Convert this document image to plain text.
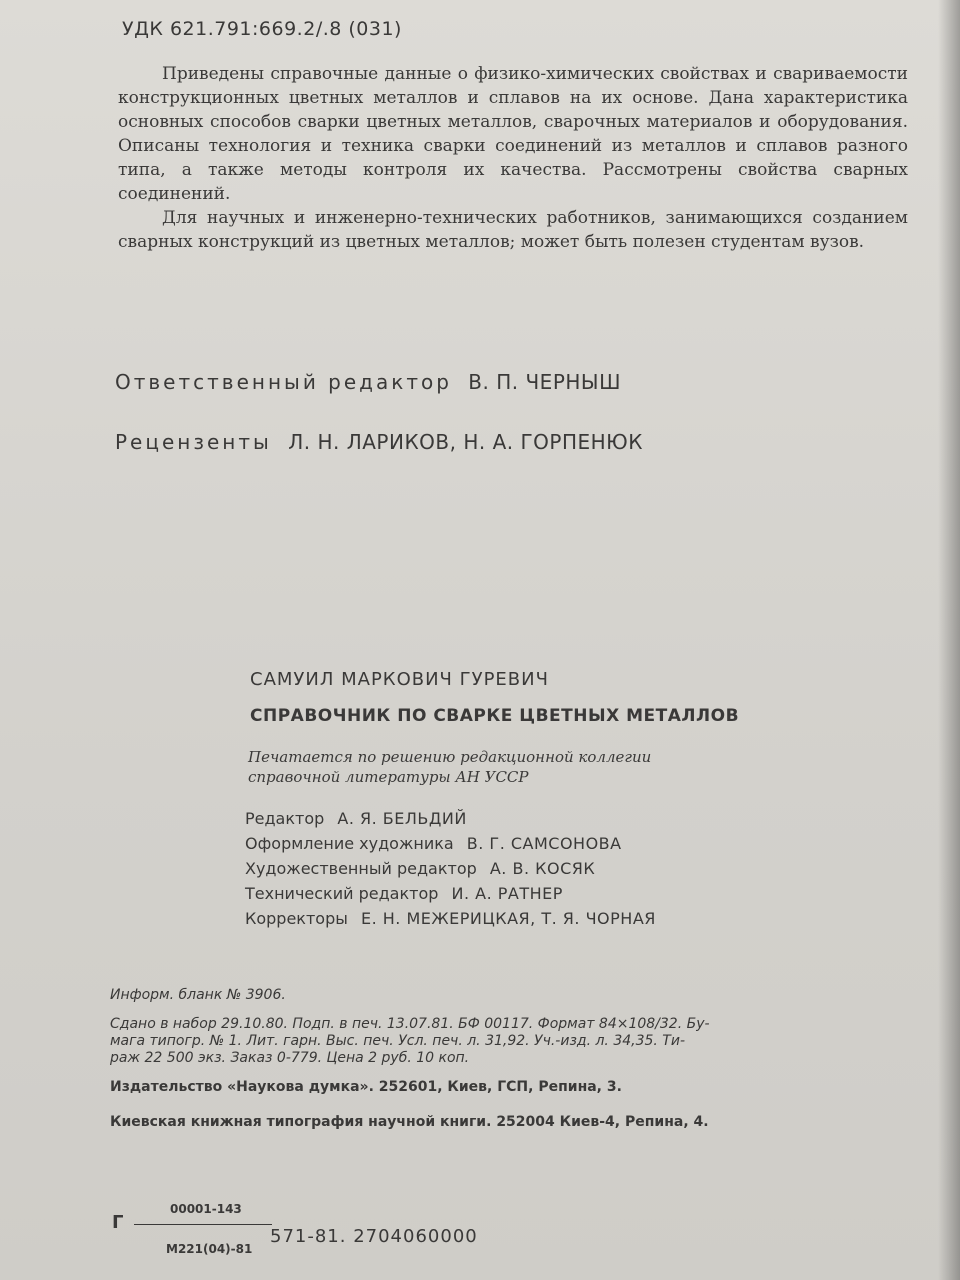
УДК 621.791:669.2/.8 (031)

Приведены справочные данные о физико-химических свойствах и свариваемости конструкционных цветных металлов и сплавов на их основе. Дана характеристика основных способов сварки цветных металлов, сварочных материалов и оборудования. Описаны технология и техника сварки соединений из металлов и сплавов разного типа, а также методы контроля их качества. Рассмотрены свойства сварных соединений.

Для научных и инженерно-технических работников, занимающихся созданием сварных конструкций из цветных металлов; может быть полезен студентам вузов.

Ответственный редактор В. П. ЧЕРНЫШ
Рецензенты Л. Н. ЛАРИКОВ, Н. А. ГОРПЕНЮК
САМУИЛ МАРКОВИЧ ГУРЕВИЧ
СПРАВОЧНИК ПО СВАРКЕ ЦВЕТНЫХ МЕТАЛЛОВ
Печатается по решению редакционной коллегии
справочной литературы АН УССР
Редактор А. Я. БЕЛЬДИЙ
Оформление художника В. Г. САМСОНОВА
Художественный редактор А. В. КОСЯК
Технический редактор И. А. РАТНЕР
Корректоры Е. Н. МЕЖЕРИЦКАЯ, Т. Я. ЧОРНАЯ
Информ. бланк № 3906.
Сдано в набор 29.10.80. Подп. в печ. 13.07.81. БФ 00117. Формат 84×108/32. Бу-
мага типогр. № 1. Лит. гарн. Выс. печ. Усл. печ. л. 31,92. Уч.-изд. л. 34,35. Ти-
раж 22 500 экз. Заказ 0-779. Цена 2 руб. 10 коп.
Издательство «Наукова думка». 252601, Киев, ГСП, Репина, 3.
Киевская книжная типография научной книги. 252004 Киев-4, Репина, 4.
Г
00001-143
М221(04)-81
571-81. 2704060000
